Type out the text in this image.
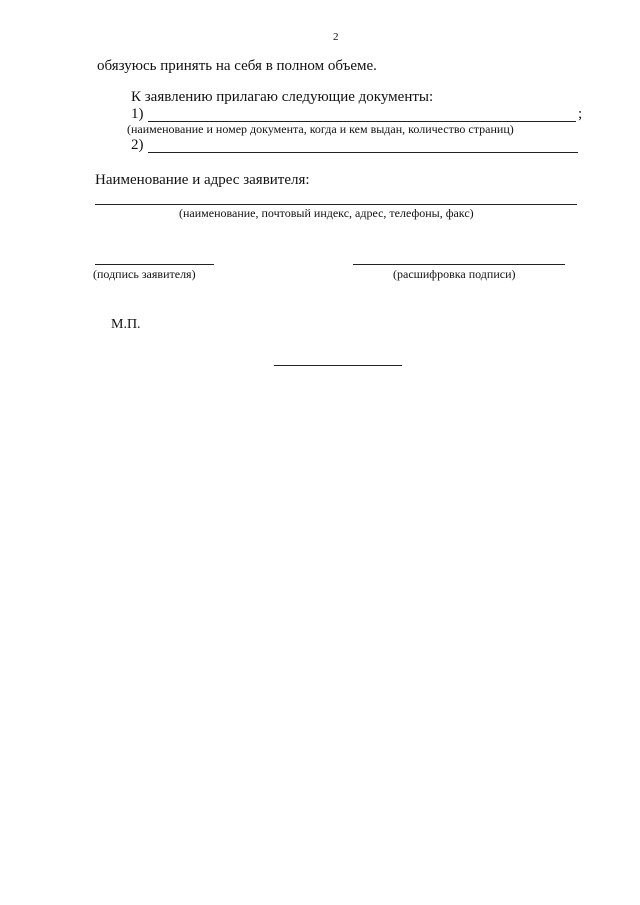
2
обязуюсь принять на себя в полном объеме.
К заявлению прилагаю следующие документы:
1)	;
(наименование и номер документа, когда и кем выдан, количество страниц)
2)
Наименование и адрес заявителя:
(наименование, почтовый индекс, адрес, телефоны, факс)
(подпись заявителя)	(расшифровка подписи)
М.П.
